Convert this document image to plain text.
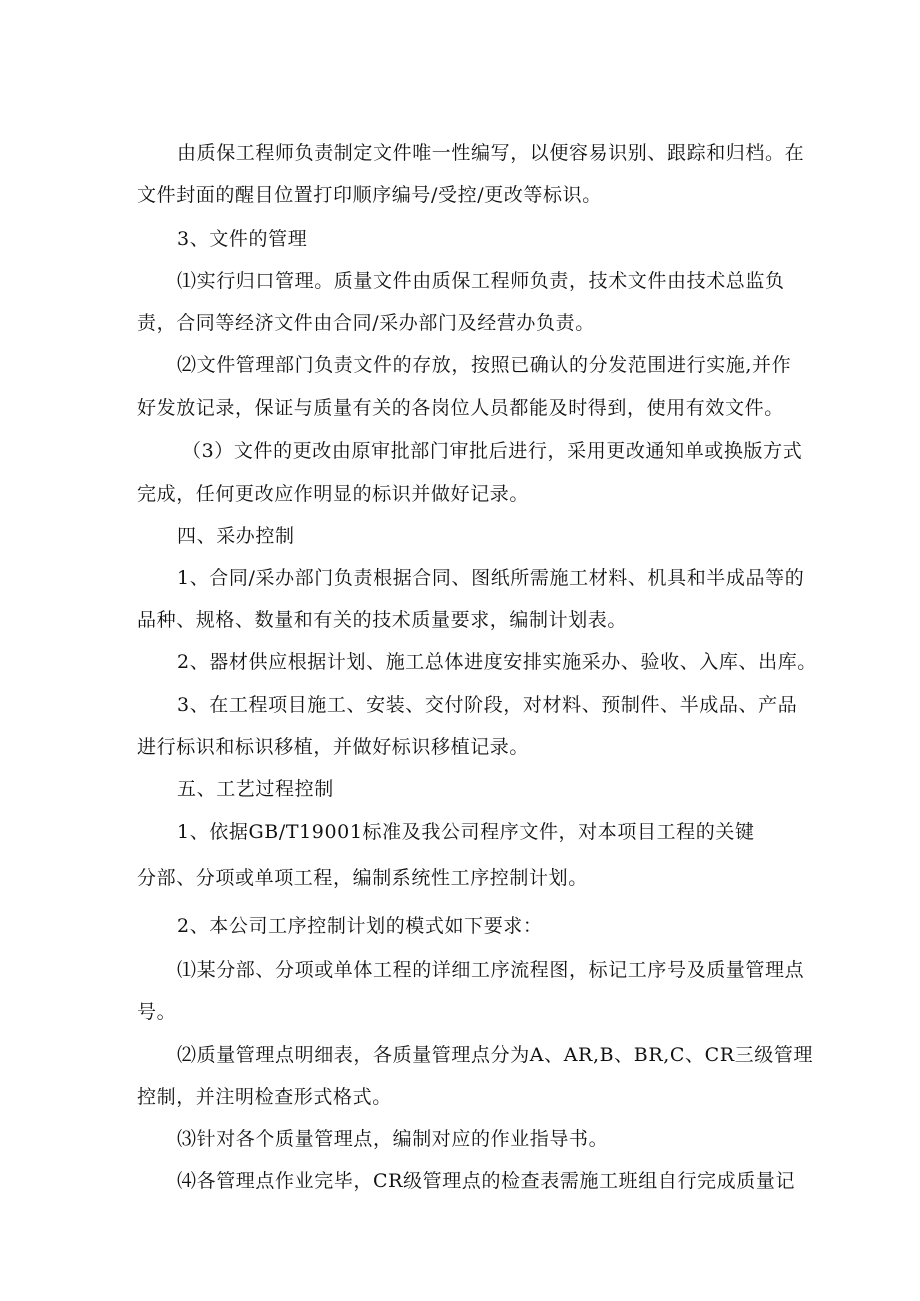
由质保工程师负责制定文件唯一性编写，以便容易识别、跟踪和归档。在
文件封面的醒目位置打印顺序编号/受控/更改等标识。
3、文件的管理
⑴实行归口管理。质量文件由质保工程师负责，技术文件由技术总监负
责，合同等经济文件由合同/采办部门及经营办负责。
⑵文件管理部门负责文件的存放，按照已确认的分发范围进行实施,并作
好发放记录，保证与质量有关的各岗位人员都能及时得到，使用有效文件。
（3）文件的更改由原审批部门审批后进行，采用更改通知单或换版方式
完成，任何更改应作明显的标识并做好记录。
四、采办控制
1、合同/采办部门负责根据合同、图纸所需施工材料、机具和半成品等的
品种、规格、数量和有关的技术质量要求，编制计划表。
2、器材供应根据计划、施工总体进度安排实施采办、验收、入库、出库。
3、在工程项目施工、安装、交付阶段，对材料、预制件、半成品、产品
进行标识和标识移植，并做好标识移植记录。
五、工艺过程控制
1、依据GB/T19001标准及我公司程序文件，对本项目工程的关键
分部、分项或单项工程，编制系统性工序控制计划。
2、本公司工序控制计划的模式如下要求：
⑴某分部、分项或单体工程的详细工序流程图，标记工序号及质量管理点
号。
⑵质量管理点明细表，各质量管理点分为A、AR,B、BR,C、CR三级管理
控制，并注明检查形式格式。
⑶针对各个质量管理点，编制对应的作业指导书。
⑷各管理点作业完毕，CR级管理点的检查表需施工班组自行完成质量记
